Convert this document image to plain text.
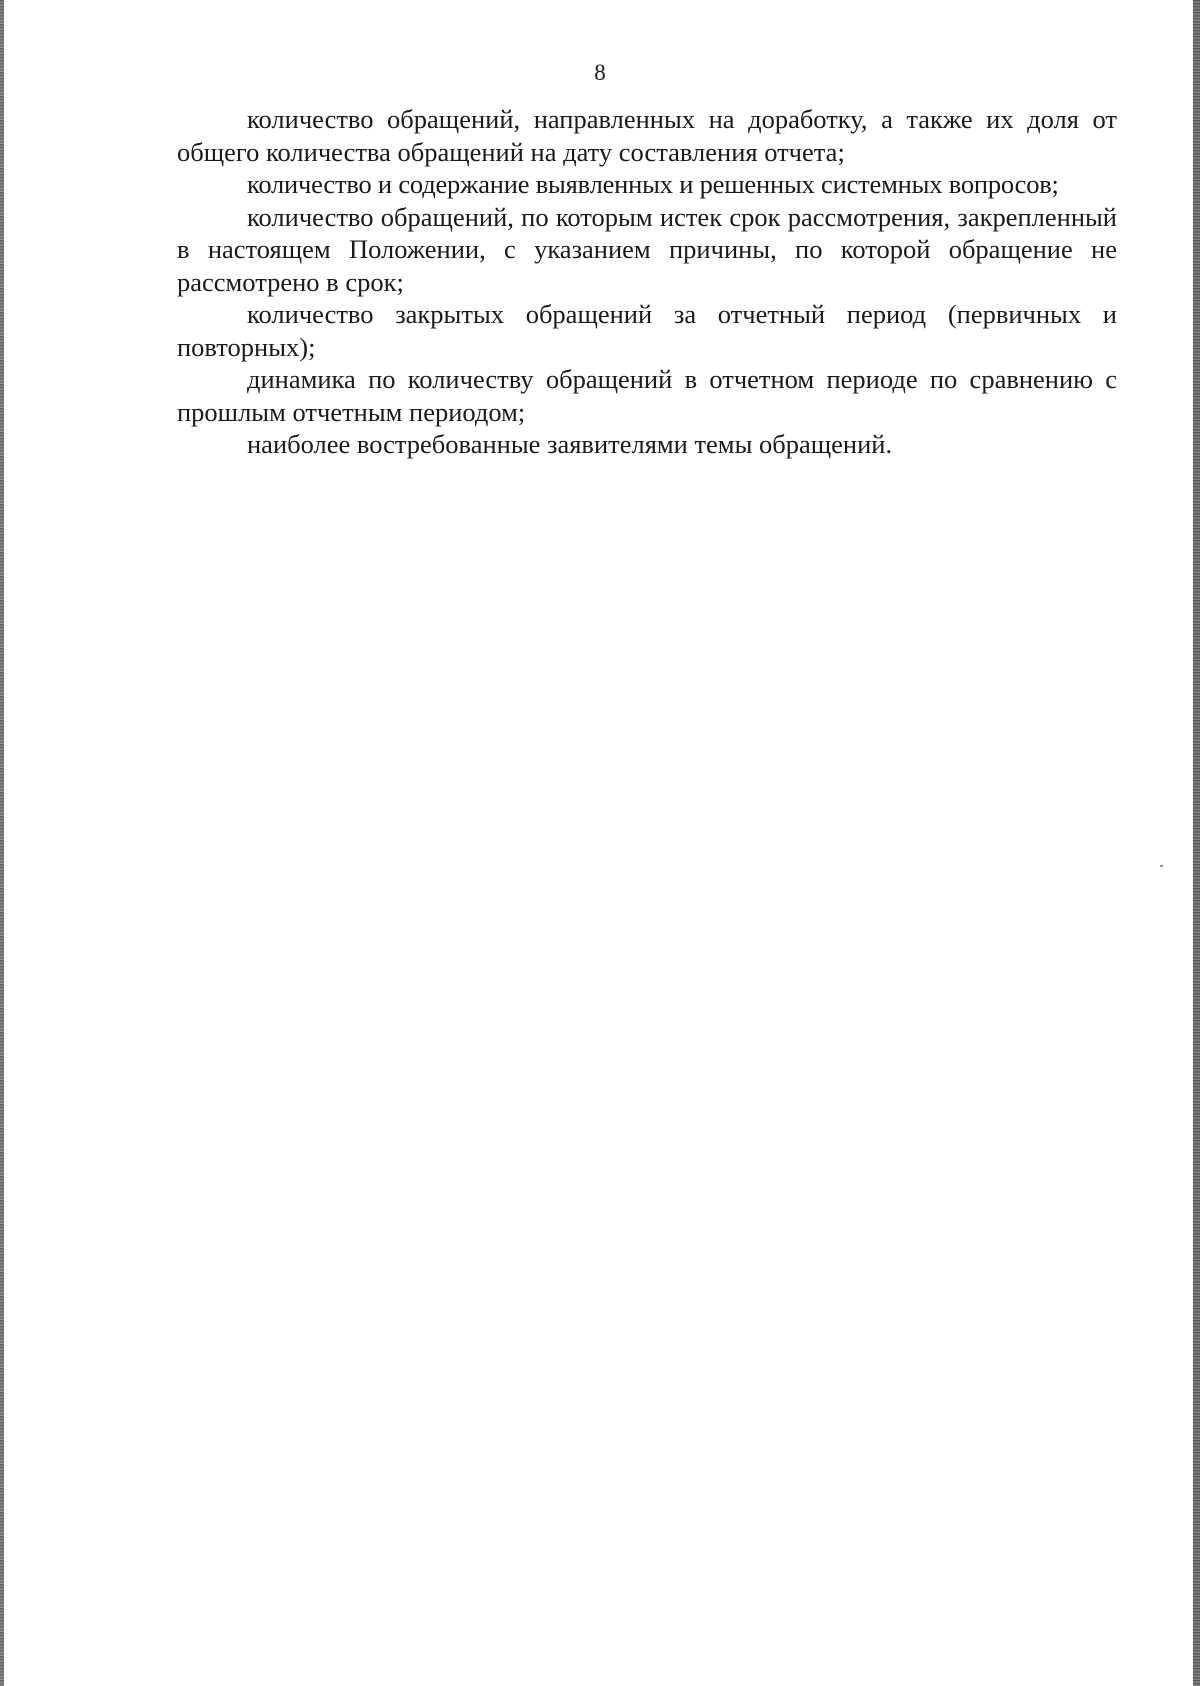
8

количество обращений, направленных на доработку, а также их доля от общего количества обращений на дату составления отчета;

количество и содержание выявленных и решенных системных вопросов;

количество обращений, по которым истек срок рассмотрения, закрепленный в настоящем Положении, с указанием причины, по которой обращение не рассмотрено в срок;

количество закрытых обращений за отчетный период (первичных и повторных);

динамика по количеству обращений в отчетном периоде по сравнению с прошлым отчетным периодом;

наиболее востребованные заявителями темы обращений.
